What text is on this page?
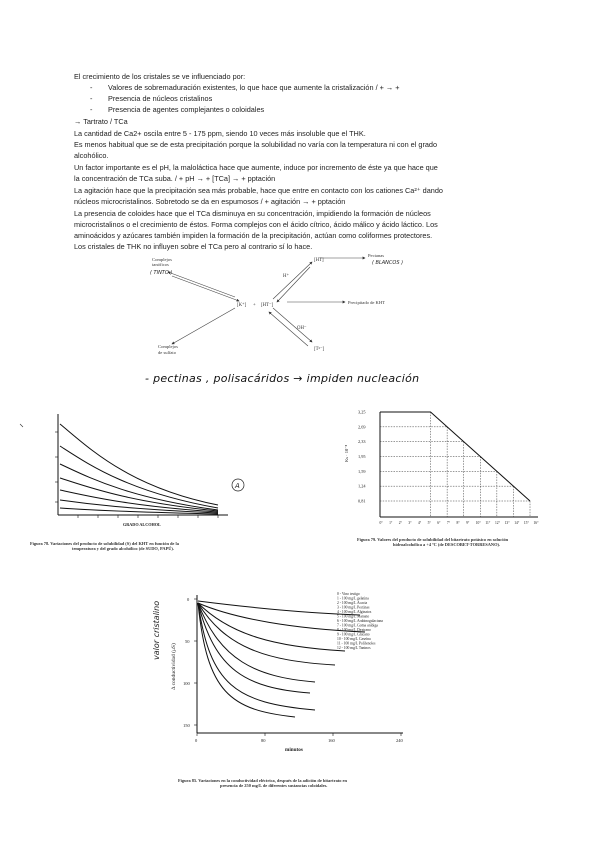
El crecimiento de los cristales se ve influenciado por:
- Valores de sobremaduración existentes, lo que hace que aumente la cristalización / + → +
- Presencia de núcleos cristalinos
- Presencia de agentes complejantes o coloidales
→ Tartrato / TCa
La cantidad de Ca2+ oscila entre 5 - 175 ppm, siendo 10 veces más insoluble que el THK.
Es menos habitual que se de esta precipitación porque la solubilidad no varía con la temperatura ni con el grado
alcohólico.
Un factor importante es el pH, la maloláctica hace que aumente, induce por incremento de éste ya que hace que
la concentración de TCa suba. / + pH → + [TCa] → + pptación
La agitación hace que la precipitación sea más probable, hace que entre en contacto con los cationes Ca²⁺ dando
núcleos microcristalinos. Sobretodo se da en espumosos / + agitación → + pptación
La presencia de coloides hace que el TCa disminuya en su concentración, impidiendo la formación de núcleos
microcristalinos o el crecimiento de éstos. Forma complejos con el ácido cítrico, ácido málico y ácido láctico. Los
aminoácidos y azúcares también impiden la formación de la precipitación, actúan como coliformes protectores.
Los cristales de THK no influyen sobre el TCa pero al contrario sí lo hace.
Complejos
tanóficos
( TINTO )
Pectanas
( BLANCOS )
[HT]
H⁺
[K⁺] + [HT⁻]
Precipitado de KHT
OH⁻
[T²⁻]
Complejos
de sulfato
- pectinas , polisacáridos → impiden nucleación
GRADO ALCOHOL
A
Figura 78. Variaciones del producto de solubilidad (S) del KHT en función de la
temperatura y del grado alcohólico (de SUDO, PAPÚ).
3,25
2,69
2,33
1,95
1,59
1,24
0,81
0° 1° 2° 3° 4° 5° 6° 7° 8° 9° 10° 11° 12° 13° 14° 15° 16°
Ks · 10⁻⁸
Figura 79. Valores del producto de solubilidad del bitartrato potásico en solución
hidroalcohólica a +4 ºC (de DESCOBET-TORRESANO).
valor cristalino
Δ conductividad (μS)
0
50
100
150
0	80	160	240
minutos
0 - Vino testigo
1 - 100 mg/L gelatina
2 - 100 mg/L Acacia
3 - 100 mg/L Pectinas
4 - 100 mg/L Alginatos
5 - 100 mg/L Manano
6 - 100 mg/L Arabinogalactana
7 - 100 mg/L Goma arábiga
8 - 100 mg/L Dextrano
9 - 100 mg/L Glucano
10 - 100 mg/L Caseína
11 - 100 mg/L Polifenoles
12 - 100 mg/L Taninos
Figura 85. Variaciones en la conductividad eléctrica, después de la adición de bitartrato en
presencia de 250 mg/L de diferentes sustancias coloidales.
